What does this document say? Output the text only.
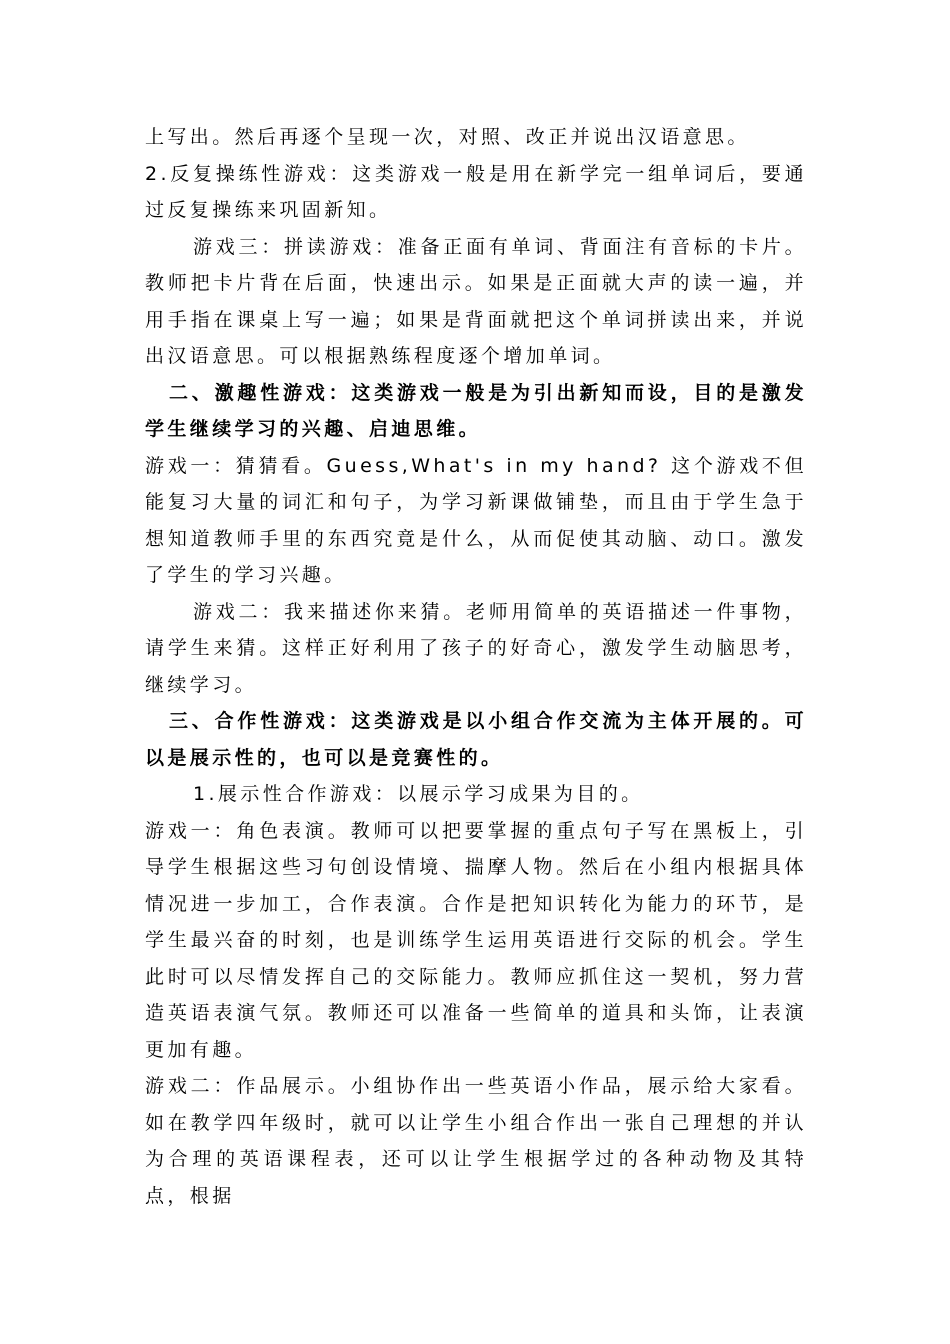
上写出。然后再逐个呈现一次，对照、改正并说出汉语意思。

2.反复操练性游戏：这类游戏一般是用在新学完一组单词后，要通过反复操练来巩固新知。

游戏三：拼读游戏：准备正面有单词、背面注有音标的卡片。教师把卡片背在后面，快速出示。如果是正面就大声的读一遍，并用手指在课桌上写一遍；如果是背面就把这个单词拼读出来，并说出汉语意思。可以根据熟练程度逐个增加单词。

二、激趣性游戏：这类游戏一般是为引出新知而设，目的是激发学生继续学习的兴趣、启迪思维。

游戏一：猜猜看。Guess,What's in my hand? 这个游戏不但能复习大量的词汇和句子，为学习新课做铺垫，而且由于学生急于想知道教师手里的东西究竟是什么，从而促使其动脑、动口。激发了学生的学习兴趣。

游戏二：我来描述你来猜。老师用简单的英语描述一件事物，请学生来猜。这样正好利用了孩子的好奇心，激发学生动脑思考，继续学习。

三、合作性游戏：这类游戏是以小组合作交流为主体开展的。可以是展示性的，也可以是竞赛性的。

1.展示性合作游戏：以展示学习成果为目的。

游戏一：角色表演。教师可以把要掌握的重点句子写在黑板上，引导学生根据这些习句创设情境、揣摩人物。然后在小组内根据具体情况进一步加工，合作表演。合作是把知识转化为能力的环节，是学生最兴奋的时刻，也是训练学生运用英语进行交际的机会。学生此时可以尽情发挥自己的交际能力。教师应抓住这一契机，努力营造英语表演气氛。教师还可以准备一些简单的道具和头饰，让表演更加有趣。

游戏二：作品展示。小组协作出一些英语小作品，展示给大家看。如在教学四年级时，就可以让学生小组合作出一张自己理想的并认为合理的英语课程表，还可以让学生根据学过的各种动物及其特点，根据
